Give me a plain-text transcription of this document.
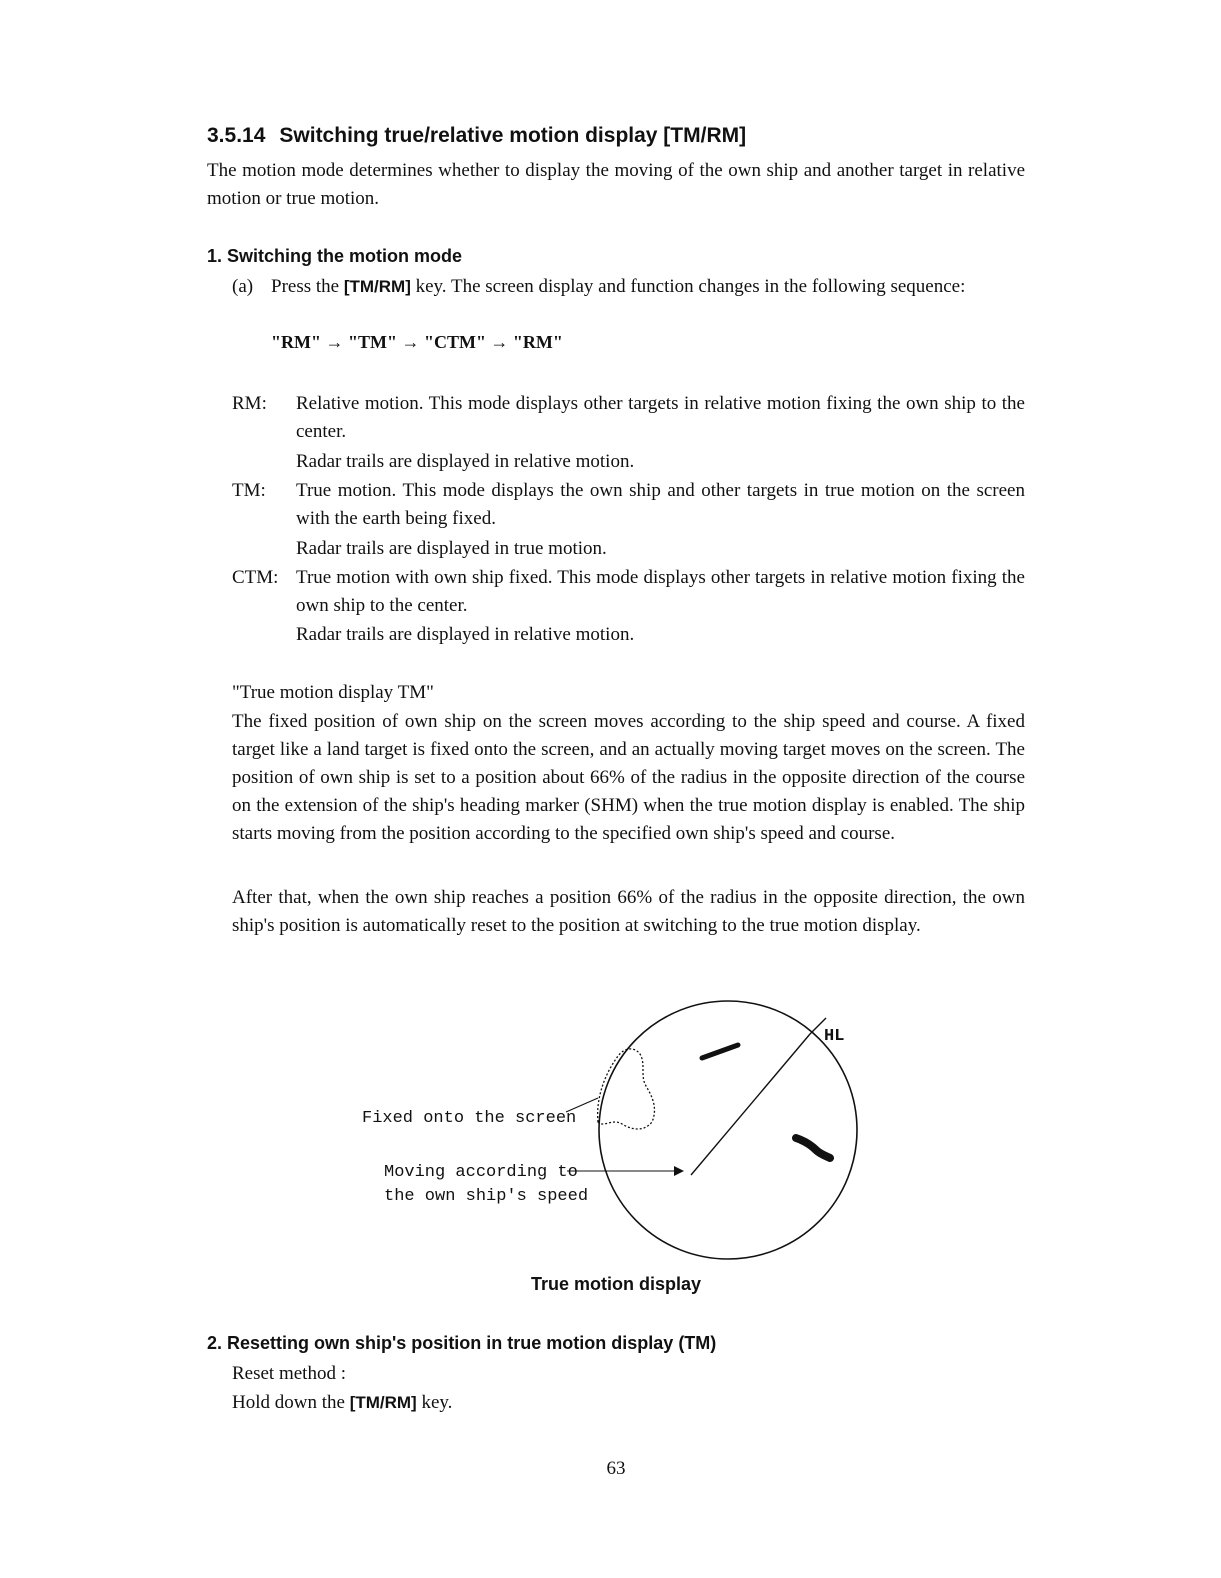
3.5.14 Switching true/relative motion display [TM/RM]
The motion mode determines whether to display the moving of the own ship and another target in relative motion or true motion.
1. Switching the motion mode
(a) Press the [TM/RM] key. The screen display and function changes in the following sequence:
"RM" → "TM" → "CTM" → "RM"
RM: Relative motion. This mode displays other targets in relative motion fixing the own ship to the center.
Radar trails are displayed in relative motion.
TM: True motion. This mode displays the own ship and other targets in true motion on the screen with the earth being fixed.
Radar trails are displayed in true motion.
CTM: True motion with own ship fixed. This mode displays other targets in relative motion fixing the own ship to the center.
Radar trails are displayed in relative motion.
"True motion display TM"
The fixed position of own ship on the screen moves according to the ship speed and course. A fixed target like a land target is fixed onto the screen, and an actually moving target moves on the screen. The position of own ship is set to a position about 66% of the radius in the opposite direction of the course on the extension of the ship's heading marker (SHM) when the true motion display is enabled. The ship starts moving from the position according to the specified own ship's speed and course.
After that, when the own ship reaches a position 66% of the radius in the opposite direction, the own ship's position is automatically reset to the position at switching to the true motion display.
Fixed onto the screen
Moving according to
the own ship's speed
HL
True motion display
2. Resetting own ship's position in true motion display (TM)
Reset method :
Hold down the [TM/RM] key.
63
